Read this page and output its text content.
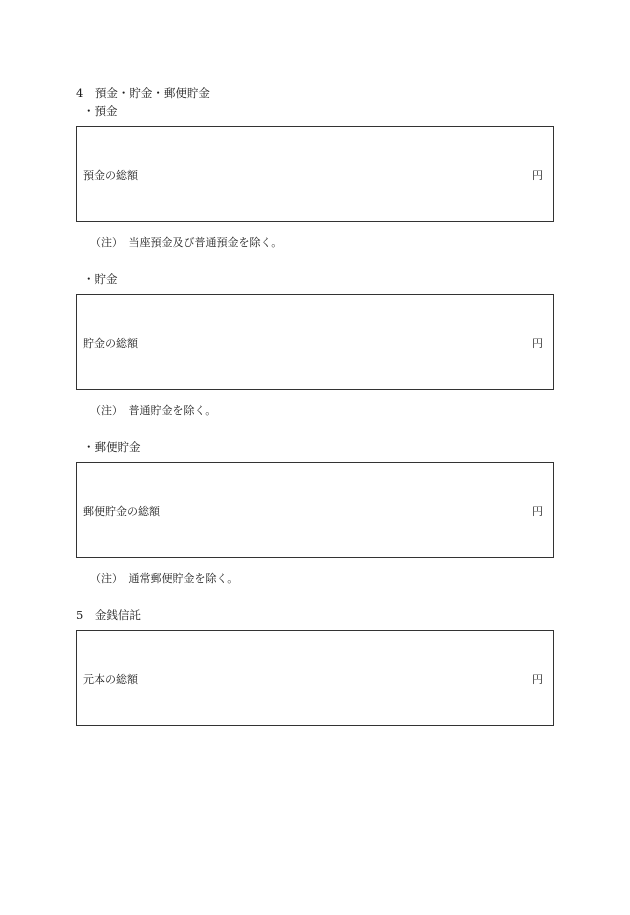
4　預金・貯金・郵便貯金
・預金
預金の総額	円
（注）　当座預金及び普通預金を除く。
・貯金
貯金の総額	円
（注）　普通貯金を除く。
・郵便貯金
郵便貯金の総額	円
（注）　通常郵便貯金を除く。
5　金銭信託
元本の総額	円
